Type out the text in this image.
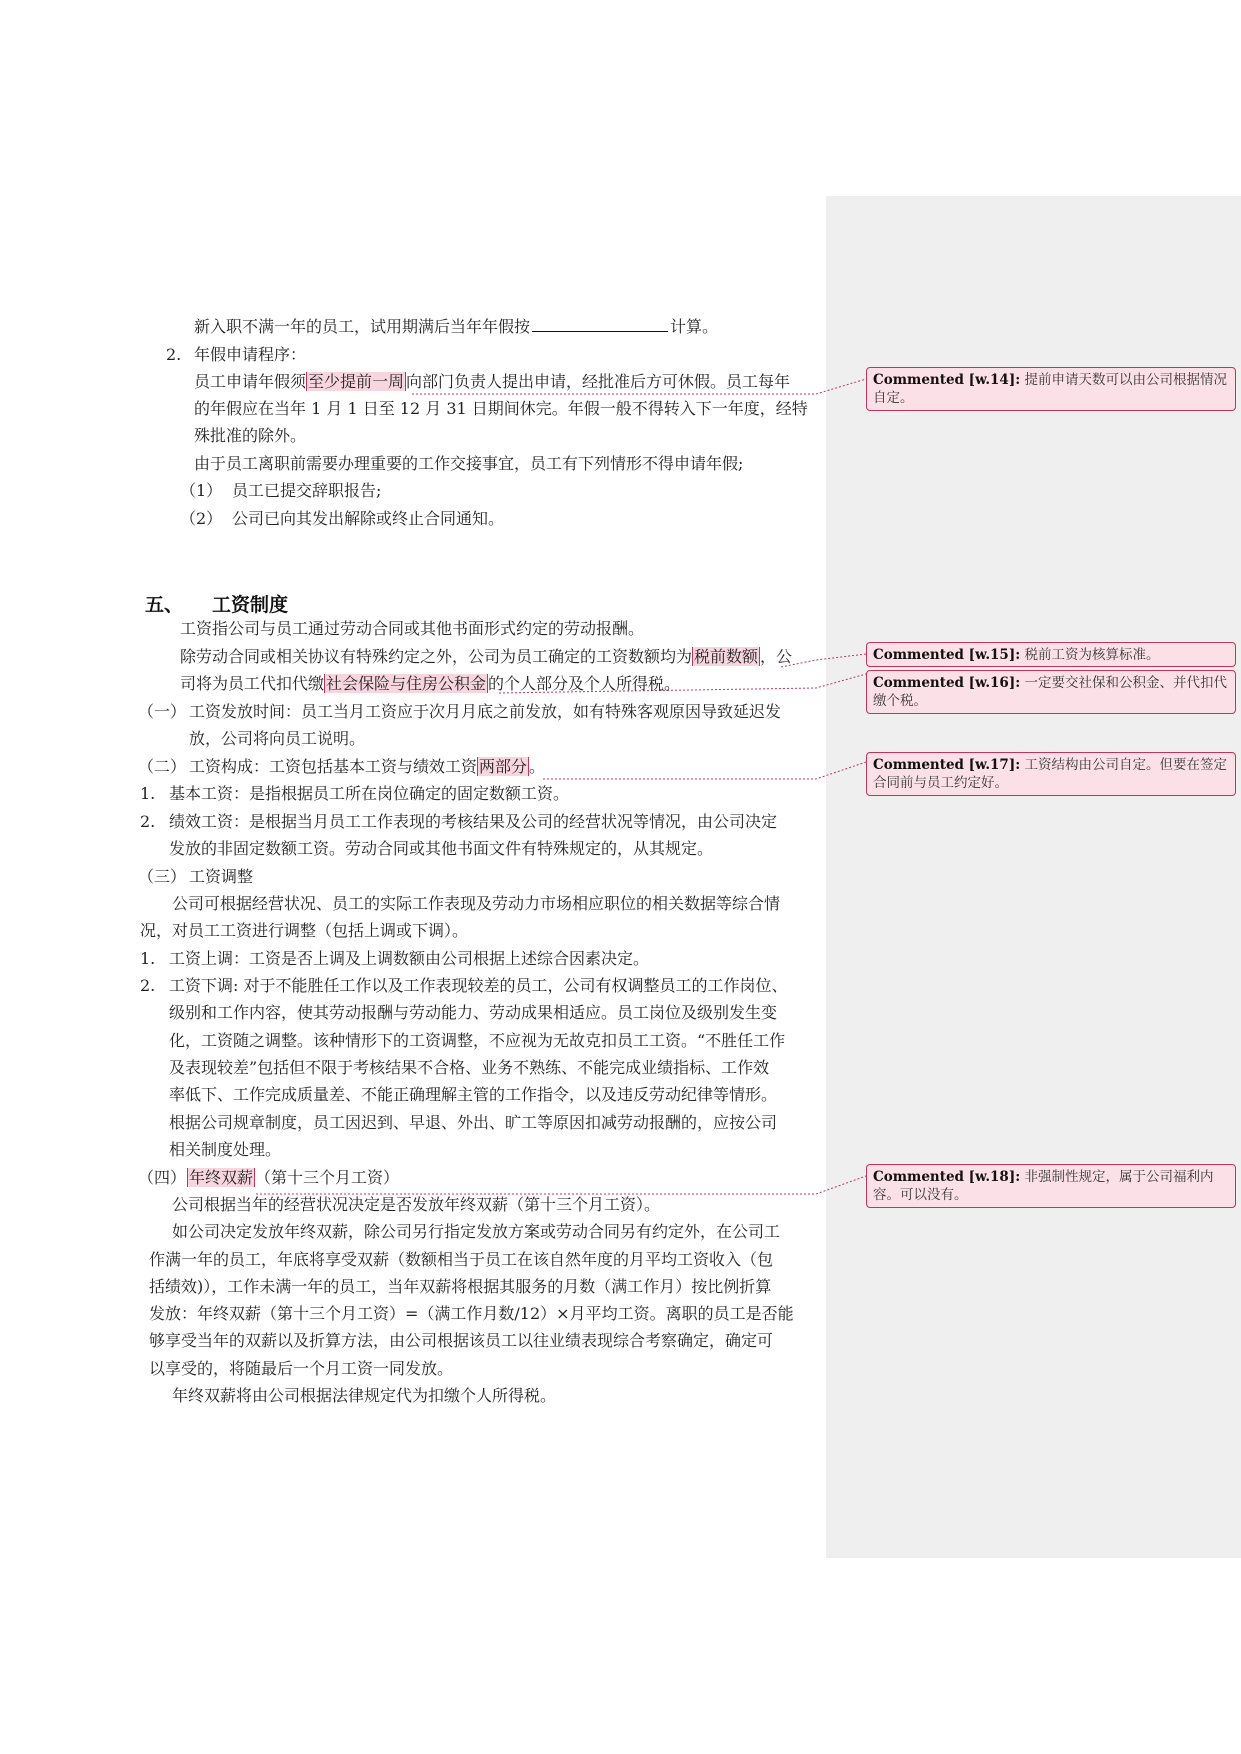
新入职不满一年的员工，试用期满后当年年假按	计算。
2. 年假申请程序：
员工申请年假须 至少提前一周 向部门负责人提出申请，经批准后方可休假。员工每年
的年假应在当年 1 月 1 日至 12 月 31 日期间休完。年假一般不得转入下一年度，经特
殊批准的除外。
由于员工离职前需要办理重要的工作交接事宜，员工有下列情形不得申请年假;
（1） 员工已提交辞职报告;
（2） 公司已向其发出解除或终止合同通知。
五、 工资制度
工资指公司与员工通过劳动合同或其他书面形式约定的劳动报酬。
除劳动合同或相关协议有特殊约定之外，公司为员工确定的工资数额均为 税前数额 ，公
司将为员工代扣代缴 社会保险与住房公积金 的个人部分及个人所得税。
（一） 工资发放时间：员工当月工资应于次月月底之前发放，如有特殊客观原因导致延迟发
放，公司将向员工说明。
（二） 工资构成：工资包括基本工资与绩效工资 两部分 。
1. 基本工资：是指根据员工所在岗位确定的固定数额工资。
2. 绩效工资：是根据当月员工工作表现的考核结果及公司的经营状况等情况，由公司决定
发放的非固定数额工资。劳动合同或其他书面文件有特殊规定的，从其规定。
（三） 工资调整
公司可根据经营状况、员工的实际工作表现及劳动力市场相应职位的相关数据等综合情
况，对员工工资进行调整（包括上调或下调）。
1. 工资上调：工资是否上调及上调数额由公司根据上述综合因素决定。
2. 工资下调: 对于不能胜任工作以及工作表现较差的员工，公司有权调整员工的工作岗位、
级别和工作内容，使其劳动报酬与劳动能力、劳动成果相适应。员工岗位及级别发生变
化，工资随之调整。该种情形下的工资调整，不应视为无故克扣员工工资。“不胜任工作
及表现较差”包括但不限于考核结果不合格、业务不熟练、不能完成业绩指标、工作效
率低下、工作完成质量差、不能正确理解主管的工作指令，以及违反劳动纪律等情形。
根据公司规章制度，员工因迟到、早退、外出、旷工等原因扣减劳动报酬的，应按公司
相关制度处理。
（四） 年终双薪 （第十三个月工资）
公司根据当年的经营状况决定是否发放年终双薪（第十三个月工资）。
如公司决定发放年终双薪，除公司另行指定发放方案或劳动合同另有约定外，在公司工
作满一年的员工，年底将享受双薪（数额相当于员工在该自然年度的月平均工资收入（包
括绩效)），工作未满一年的员工，当年双薪将根据其服务的月数（满工作月）按比例折算
发放：年终双薪（第十三个月工资）=（满工作月数/12）×月平均工资。离职的员工是否能
够享受当年的双薪以及折算方法，由公司根据该员工以往业绩表现综合考察确定，确定可
以享受的，将随最后一个月工资一同发放。
年终双薪将由公司根据法律规定代为扣缴个人所得税。
Commented [w.14]: 提前申请天数可以由公司根据情况自定。
Commented [w.15]: 税前工资为核算标准。
Commented [w.16]: 一定要交社保和公积金、并代扣代缴个税。
Commented [w.17]: 工资结构由公司自定。但要在签定合同前与员工约定好。
Commented [w.18]: 非强制性规定，属于公司福利内容。可以没有。
